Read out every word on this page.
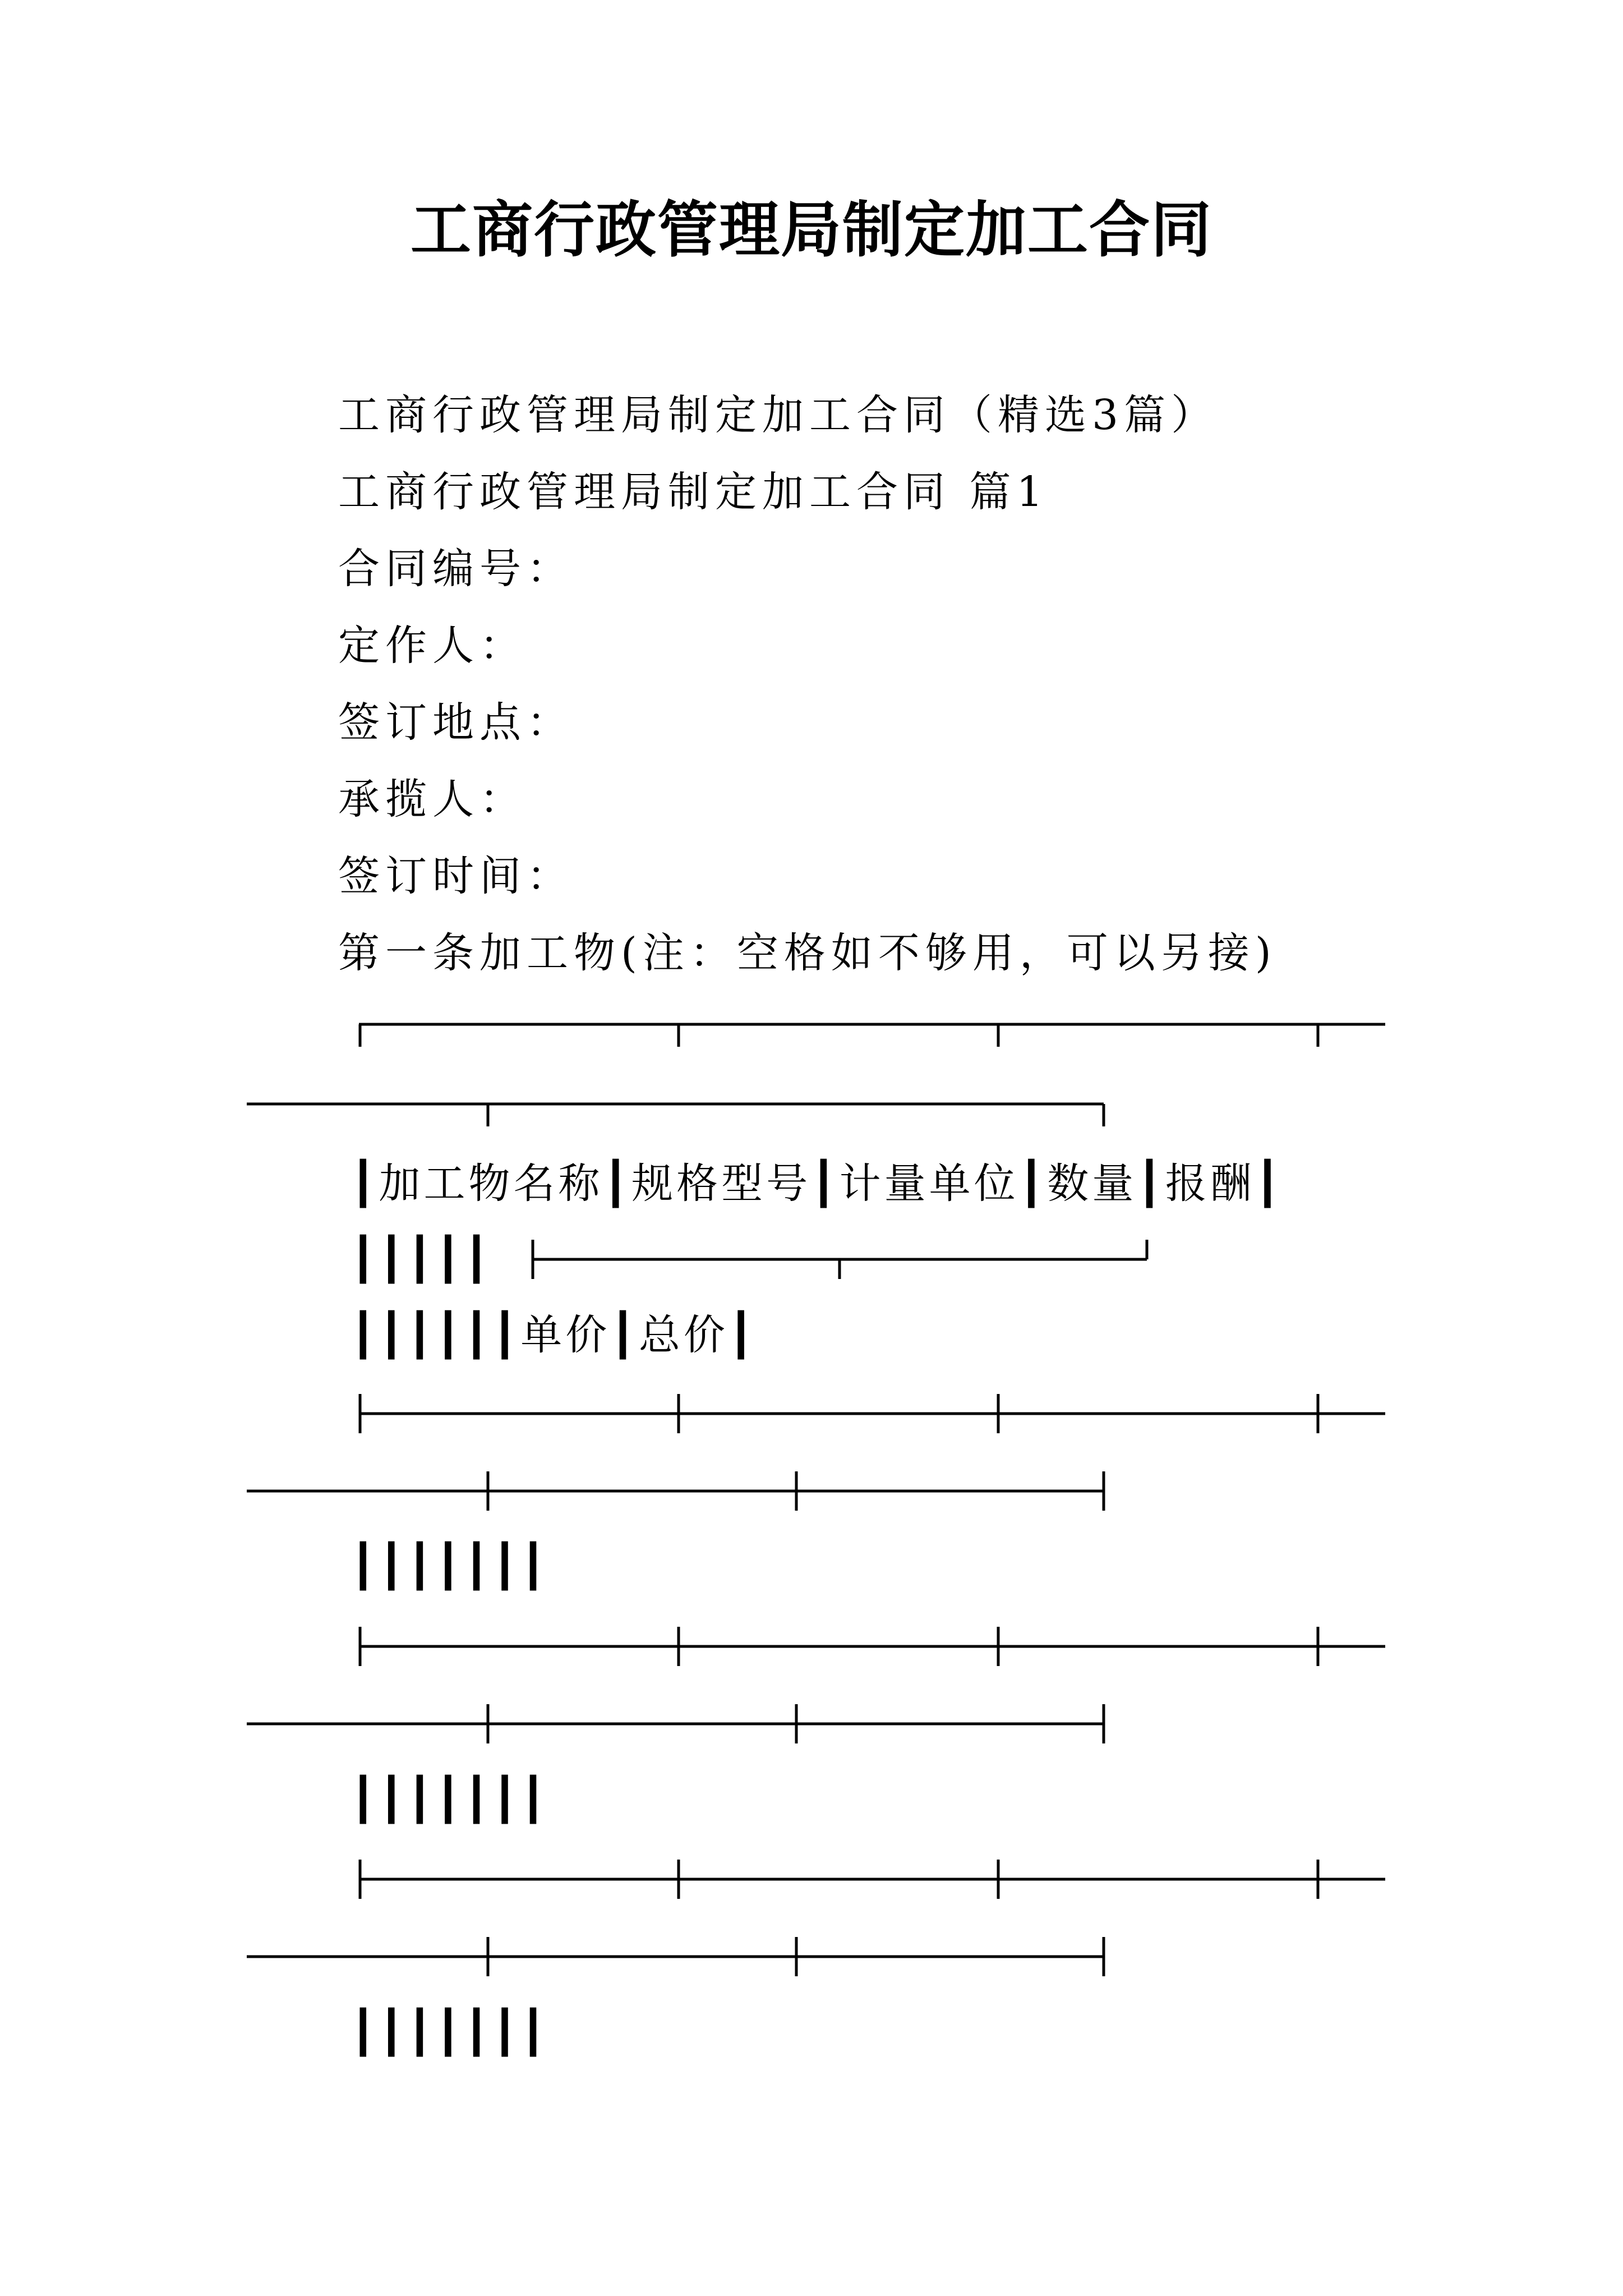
工商行政管理局制定加工合同
工商行政管理局制定加工合同（精选3篇）
工商行政管理局制定加工合同 篇1
合同编号：
定作人：
签订地点：
承揽人：
签订时间：
第一条加工物(注：空格如不够用，可以另接)
┃加工物名称┃规格型号┃计量单位┃数量┃报酬┃
┃┃┃┃┃
┃┃┃┃┃┃单价┃总价┃
┃┃┃┃┃┃┃
┃┃┃┃┃┃┃
┃┃┃┃┃┃┃
